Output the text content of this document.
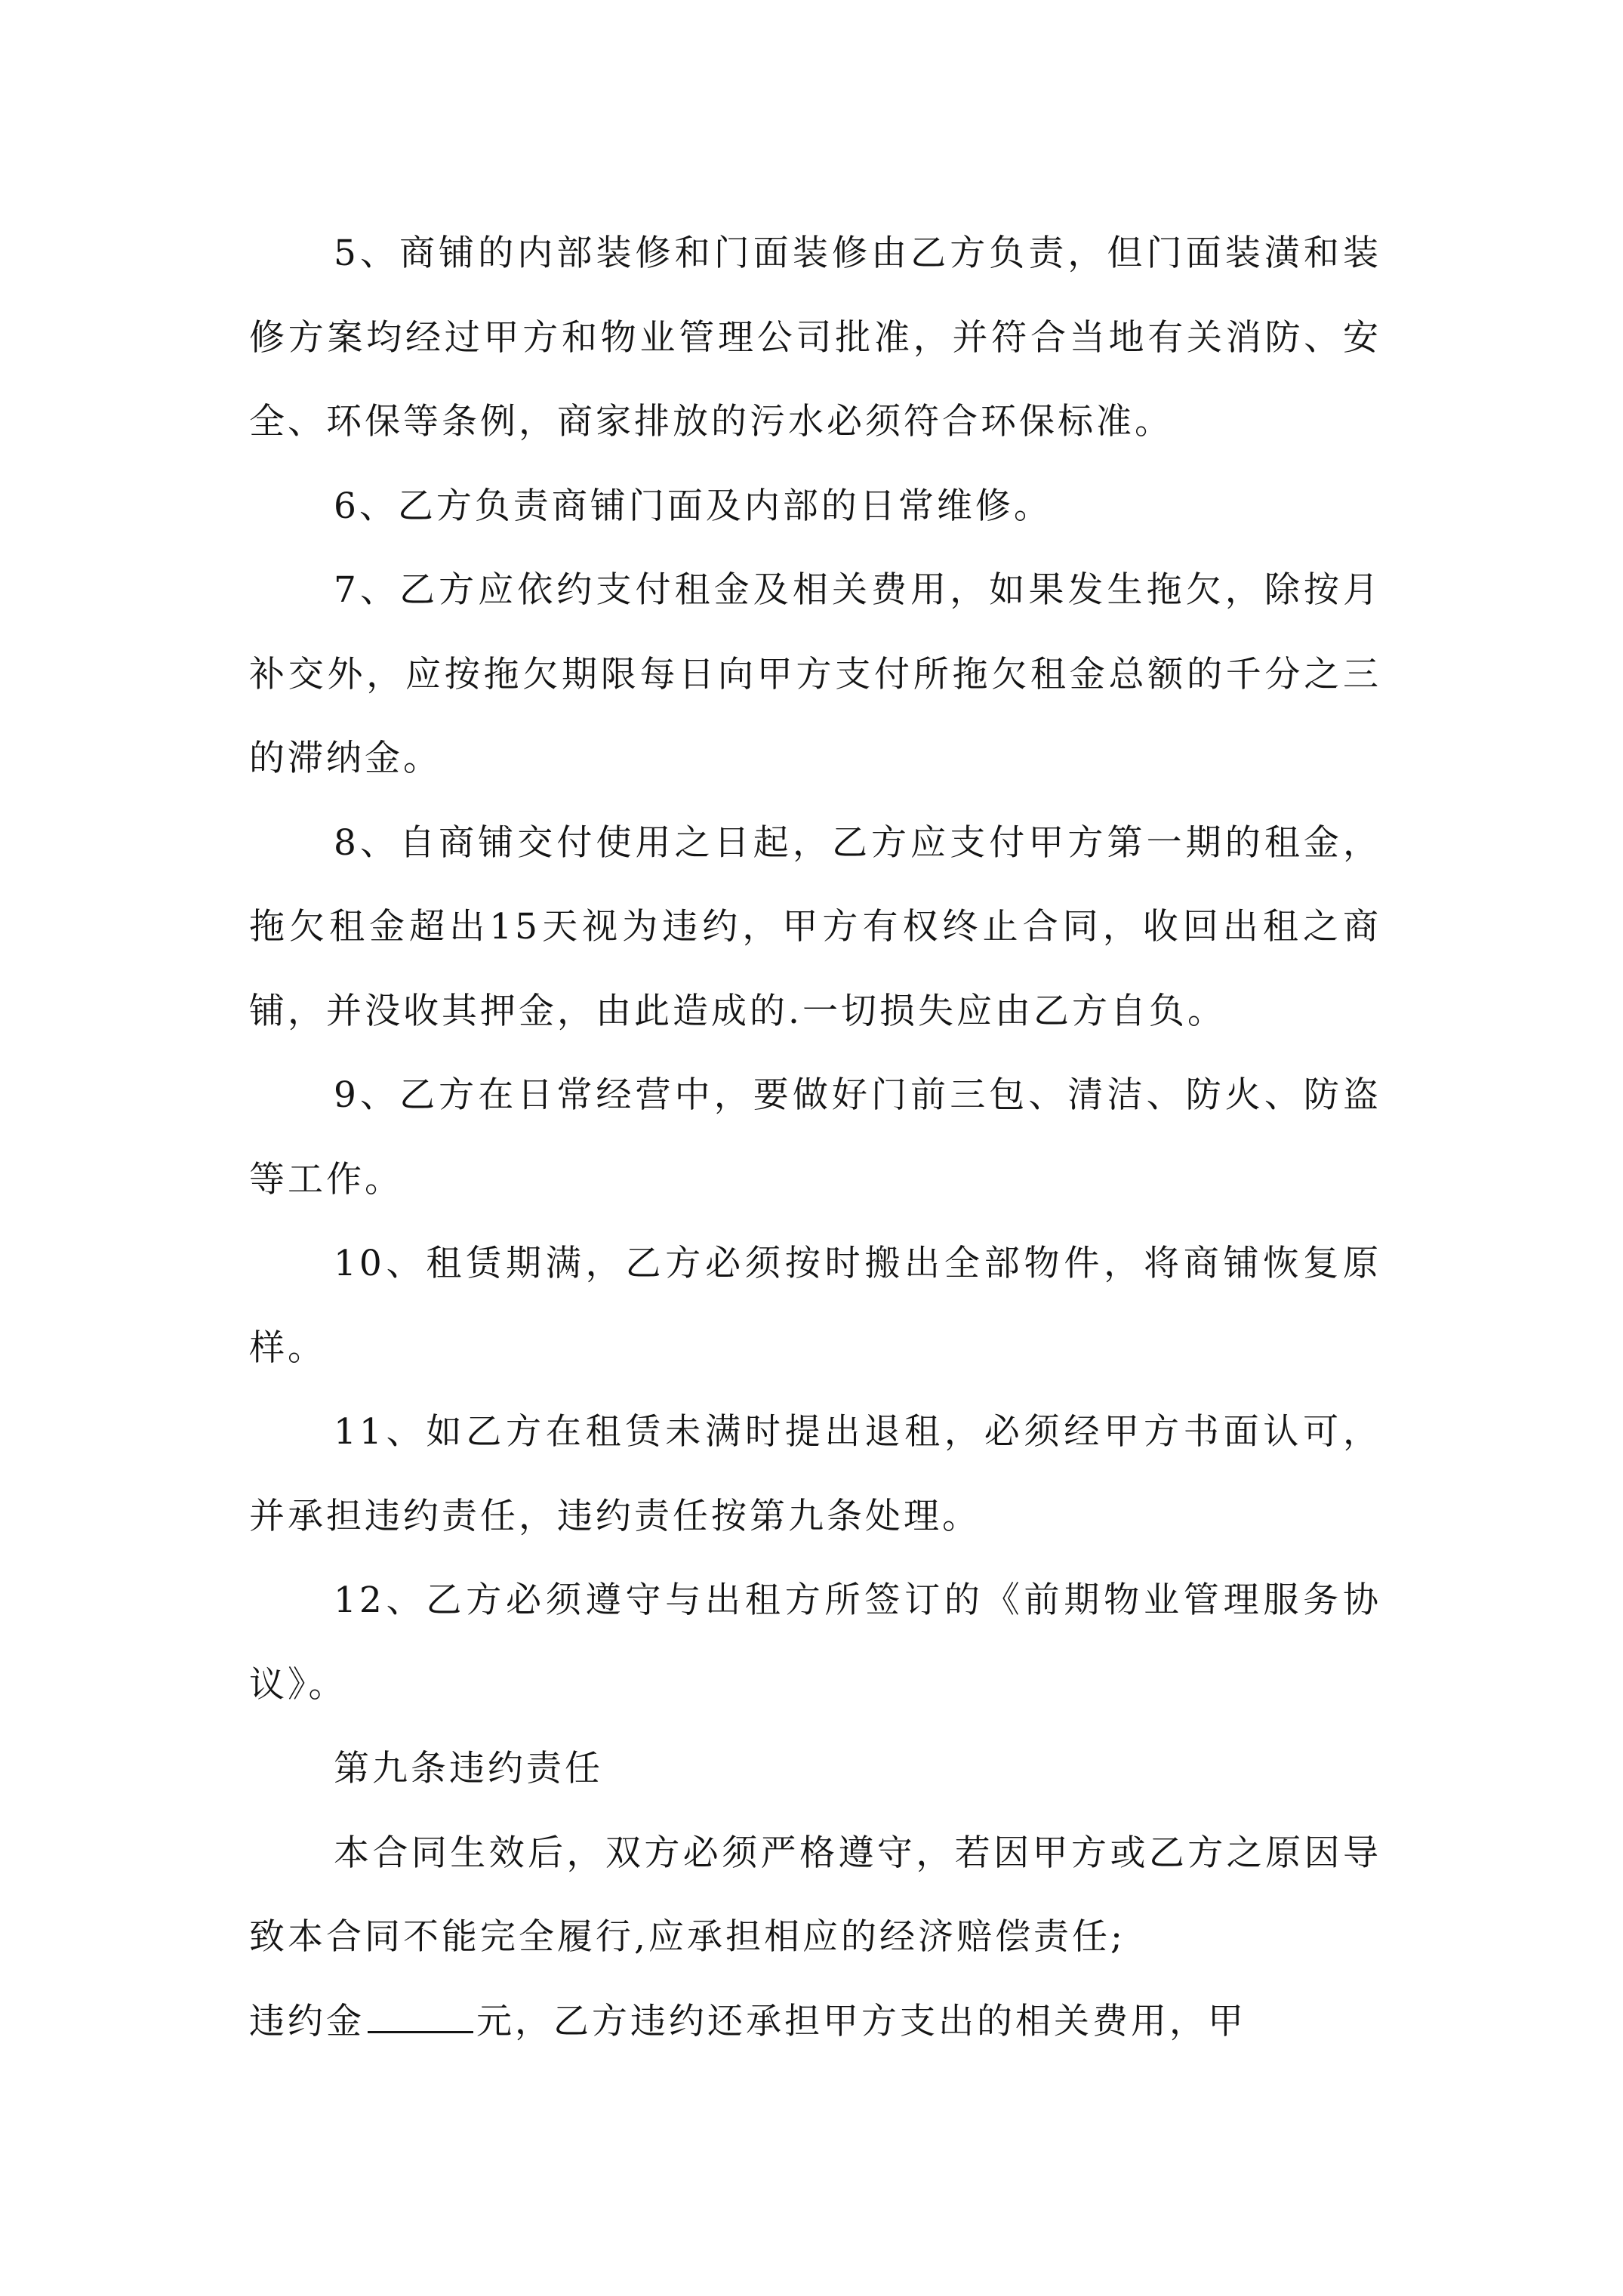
5、商铺的内部装修和门面装修由乙方负责，但门面装潢和装修方案均经过甲方和物业管理公司批准，并符合当地有关消防、安全、环保等条例，商家排放的污水必须符合环保标准。

6、乙方负责商铺门面及内部的日常维修。

7、乙方应依约支付租金及相关费用，如果发生拖欠，除按月补交外，应按拖欠期限每日向甲方支付所拖欠租金总额的千分之三的滞纳金。

8、自商铺交付使用之日起，乙方应支付甲方第一期的租金，拖欠租金超出15天视为违约，甲方有权终止合同，收回出租之商铺，并没收其押金，由此造成的.一切损失应由乙方自负。

9、乙方在日常经营中，要做好门前三包、清洁、防火、防盗等工作。

10、租赁期满，乙方必须按时搬出全部物件，将商铺恢复原样。

11、如乙方在租赁未满时提出退租，必须经甲方书面认可，并承担违约责任，违约责任按第九条处理。

12、乙方必须遵守与出租方所签订的《前期物业管理服务协议》。

第九条违约责任

本合同生效后，双方必须严格遵守，若因甲方或乙方之原因导致本合同不能完全履行,应承担相应的经济赔偿责任;

违约金	元，乙方违约还承担甲方支出的相关费用，甲
